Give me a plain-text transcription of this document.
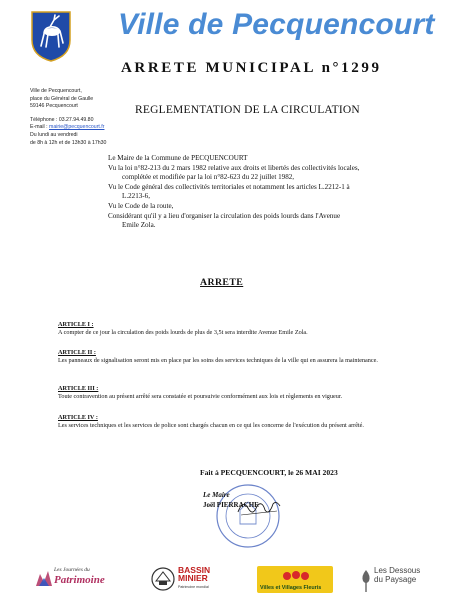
Ville de Pecquencourt
ARRETE MUNICIPAL n°1299
Ville de Pecquencourt,
place du Général de Gaulle
59146 Pecquencourt
Téléphone : 03.27.94.49.80
E-mail : mairie@pecquencourt.fr
Du lundi au vendredi
de 8h à 12h et de 13h30 à 17h30
REGLEMENTATION DE LA CIRCULATION
Le Maire de la Commune de PECQUENCOURT
Vu la loi n°82-213 du 2 mars 1982 relative aux droits et libertés des collectivités locales,
complétée et modifiée par la loi n°82-623 du 22 juillet 1982,
Vu le Code général des collectivités territoriales et notamment les articles L.2212-1 à
L.2213-6,
Vu le Code de la route,
Considérant qu'il y a lieu d'organiser la circulation des poids lourds dans l'Avenue
Emile Zola.
ARRETE
ARTICLE I :
A compter de ce jour la circulation des poids lourds de plus de 3,5t sera interdite Avenue Emile Zola.
ARTICLE II :
Les panneaux de signalisation seront mis en place par les soins des services techniques de la ville qui en assurera la maintenance.
ARTICLE III :
Toute contravention au présent arrêté sera constatée et poursuivie conformément aux lois et règlements en vigueur.
ARTICLE IV :
Les services techniques et les services de police sont chargés chacun en ce qui les concerne de l'exécution du présent arrêté.
Fait à PECQUENCOURT, le 26 MAI 2023
Le Maire
Joël PIERRACHE
Les Journées du
Patrimoine
BASSIN MINIER
Patrimoine mondial	Villes et Villages Fleuris
Les Dessous du Paysage
